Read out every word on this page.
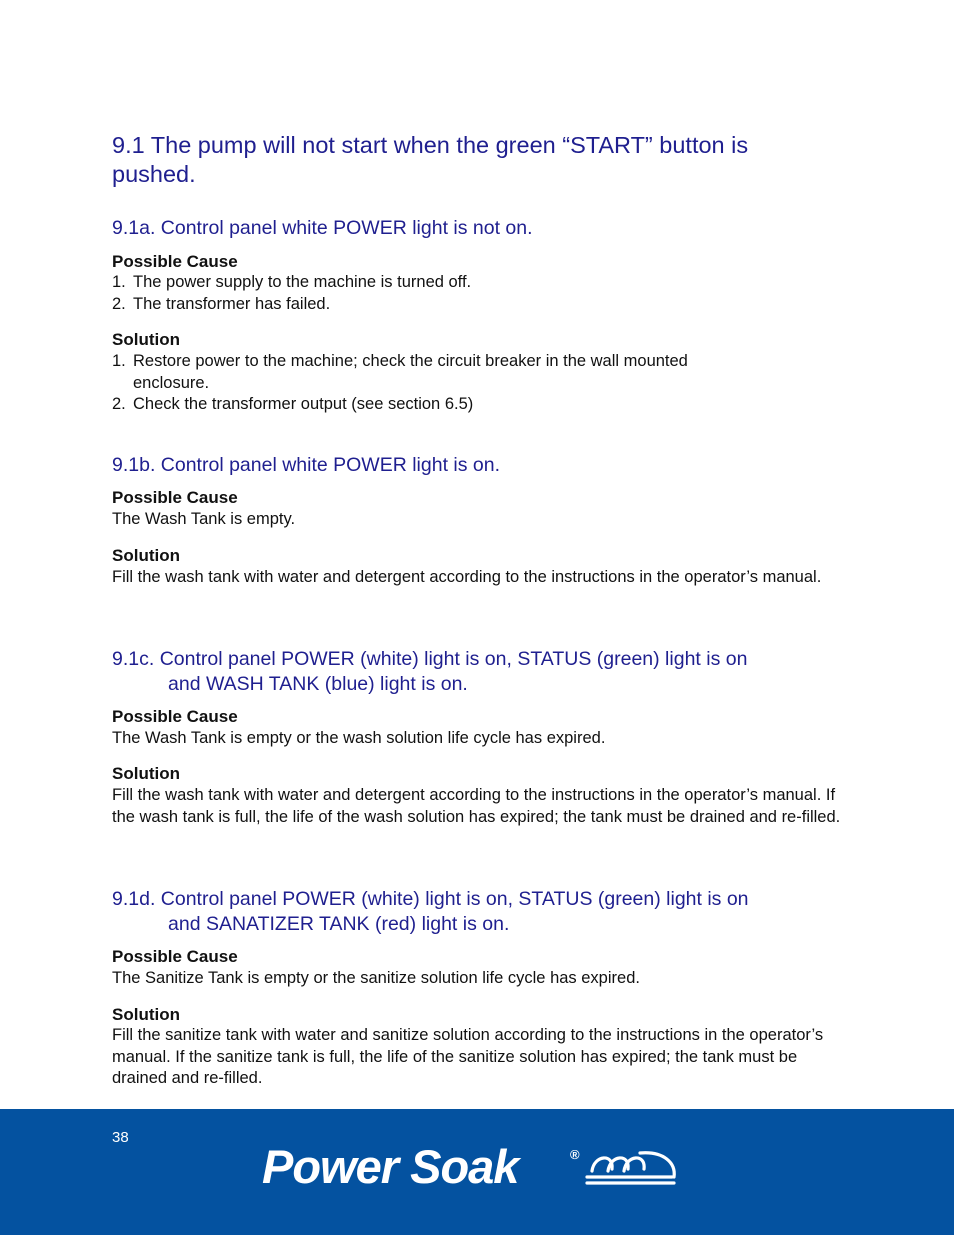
9.1 The pump will not start when the green “START” button is pushed.
9.1a. Control panel white POWER light is not on.
Possible Cause
1. The power supply to the machine is turned off.
2. The transformer has failed.
Solution
1. Restore power to the machine; check the circuit breaker in the wall mounted
enclosure.
2. Check the transformer output (see section 6.5)
9.1b. Control panel white POWER light is on.
Possible Cause
The Wash Tank is empty.
Solution
Fill the wash tank with water and detergent according to the instructions in the operator’s manual.
9.1c. Control panel POWER (white) light is on, STATUS (green) light is on
and WASH TANK (blue) light is on.
Possible Cause
The Wash Tank is empty or the wash solution life cycle has expired.
Solution
Fill the wash tank with water and detergent according to the instructions in the operator’s manual. If the wash tank is full, the life of the wash solution has expired; the tank must be drained and re-filled.
9.1d. Control panel POWER (white) light is on, STATUS (green) light is on
and SANATIZER TANK (red) light is on.
Possible Cause
The Sanitize Tank is empty or the sanitize solution life cycle has expired.
Solution
Fill the sanitize tank with water and sanitize solution according to the instructions in the operator’s manual. If the sanitize tank is full, the life of the sanitize solution has expired; the tank must be drained and re-filled.
38
Power Soak	®
